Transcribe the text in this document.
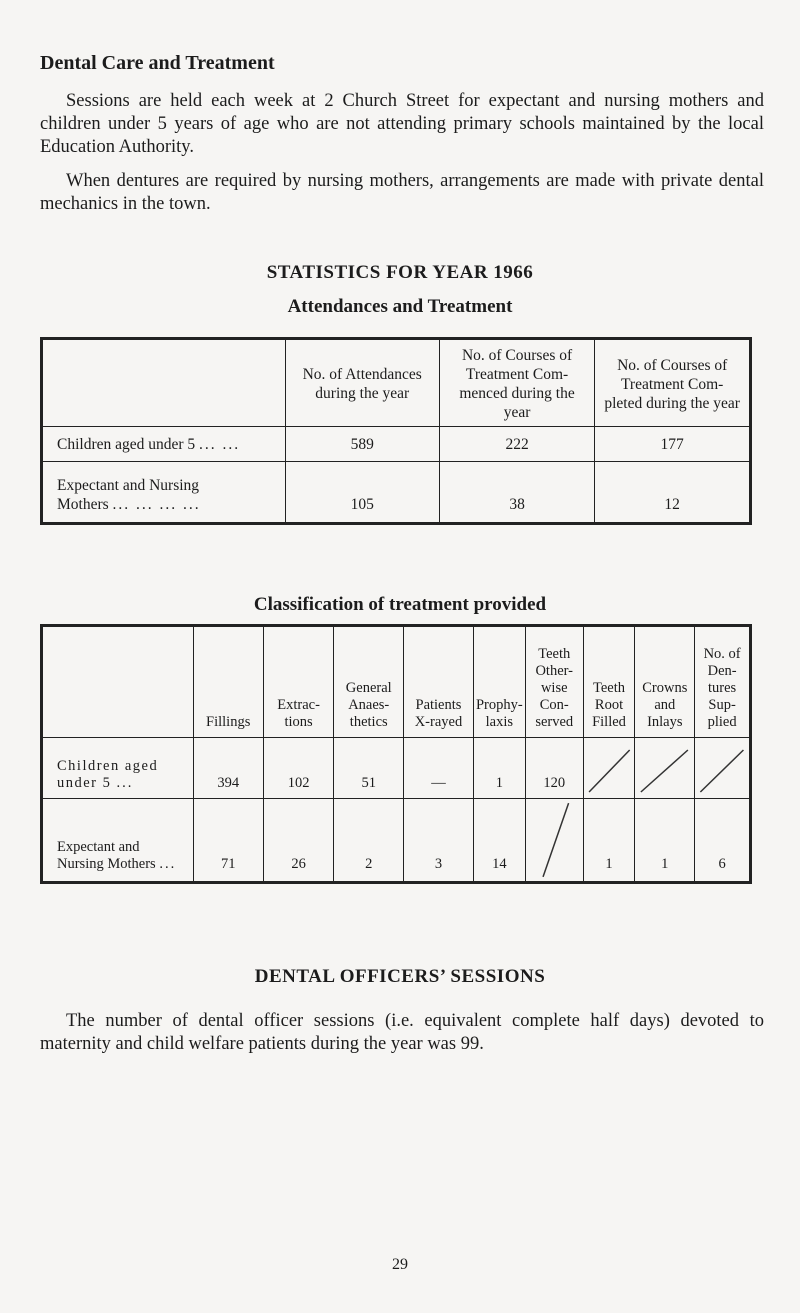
Dental Care and Treatment

Sessions are held each week at 2 Church Street for expectant and nursing mothers and children under 5 years of age who are not attending primary schools maintained by the local Education Authority.

When dentures are required by nursing mothers, arrangements are made with private dental mechanics in the town.

STATISTICS FOR YEAR 1966
Attendances and Treatment

	No. of Attendances during the year	No. of Courses of Treatment Com- menced during the year	No. of Courses of Treatment Com- pleted during the year

Children aged under 5 ... ...	589	222	177

Expectant and Nursing Mothers ... ... ... ...	105	38	12
Classification of treatment provided
	Fillings	Extrac- tions	General Anaes- thetics	Patients X-rayed	Prophy- laxis	Teeth Other- wise Con- served	Teeth Root Filled	Crowns and Inlays	No. of Den- tures Sup- plied

Children aged under 5 ...	394	102	51	—	1	120	

Expectant and Nursing Mothers ...	71	26	2	3	14		1	1	6
DENTAL OFFICERS’ SESSIONS

The number of dental officer sessions (i.e. equivalent complete half days) devoted to maternity and child welfare patients during the year was 99.

29
